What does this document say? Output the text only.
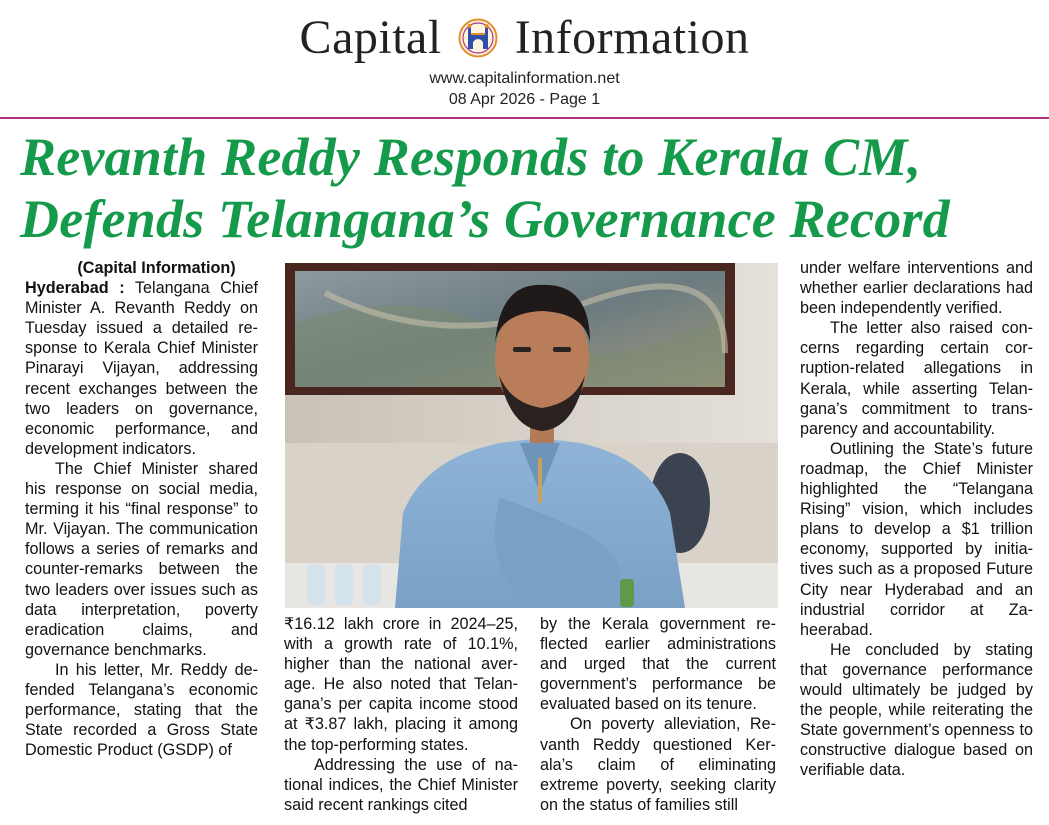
Capital Information
www.capitalinformation.net
08 Apr 2026 - Page 1
Revanth Reddy Responds to Kerala CM,
Defends Telangana’s Governance Record

(Capital Information)

Hyderabad : Telangana Chief Minister A. Revanth Reddy on Tuesday issued a detailed response to Kerala Chief Minister Pinarayi Vijayan, addressing recent exchanges between the two leaders on governance, economic performance, and development indicators.

The Chief Minister shared his response on social media, terming it his “final response” to Mr. Vijayan. The communication follows a series of remarks and counter-remarks between the two leaders over issues such as data interpretation, poverty eradication claims, and governance benchmarks.

In his letter, Mr. Reddy defended Telangana’s economic performance, stating that the State recorded a Gross State Domestic Product (GSDP) of

₹16.12 lakh crore in 2024–25, with a growth rate of 10.1%, higher than the national average. He also noted that Telangana’s per capita income stood at ₹3.87 lakh, placing it among the top-performing states.

Addressing the use of national indices, the Chief Minister said recent rankings cited

by the Kerala government reflected earlier administrations and urged that the current government’s performance be evaluated based on its tenure.

On poverty alleviation, Revanth Reddy questioned Kerala’s claim of eliminating extreme poverty, seeking clarity on the status of families still

under welfare interventions and whether earlier declarations had been independently verified.

The letter also raised concerns regarding certain corruption-related allegations in Kerala, while asserting Telangana’s commitment to transparency and accountability.

Outlining the State’s future roadmap, the Chief Minister highlighted the “Telangana Rising” vision, which includes plans to develop a $1 trillion economy, supported by initiatives such as a proposed Future City near Hyderabad and an industrial corridor at Zaheerabad.

He concluded by stating that governance performance would ultimately be judged by the people, while reiterating the State government’s openness to constructive dialogue based on verifiable data.
